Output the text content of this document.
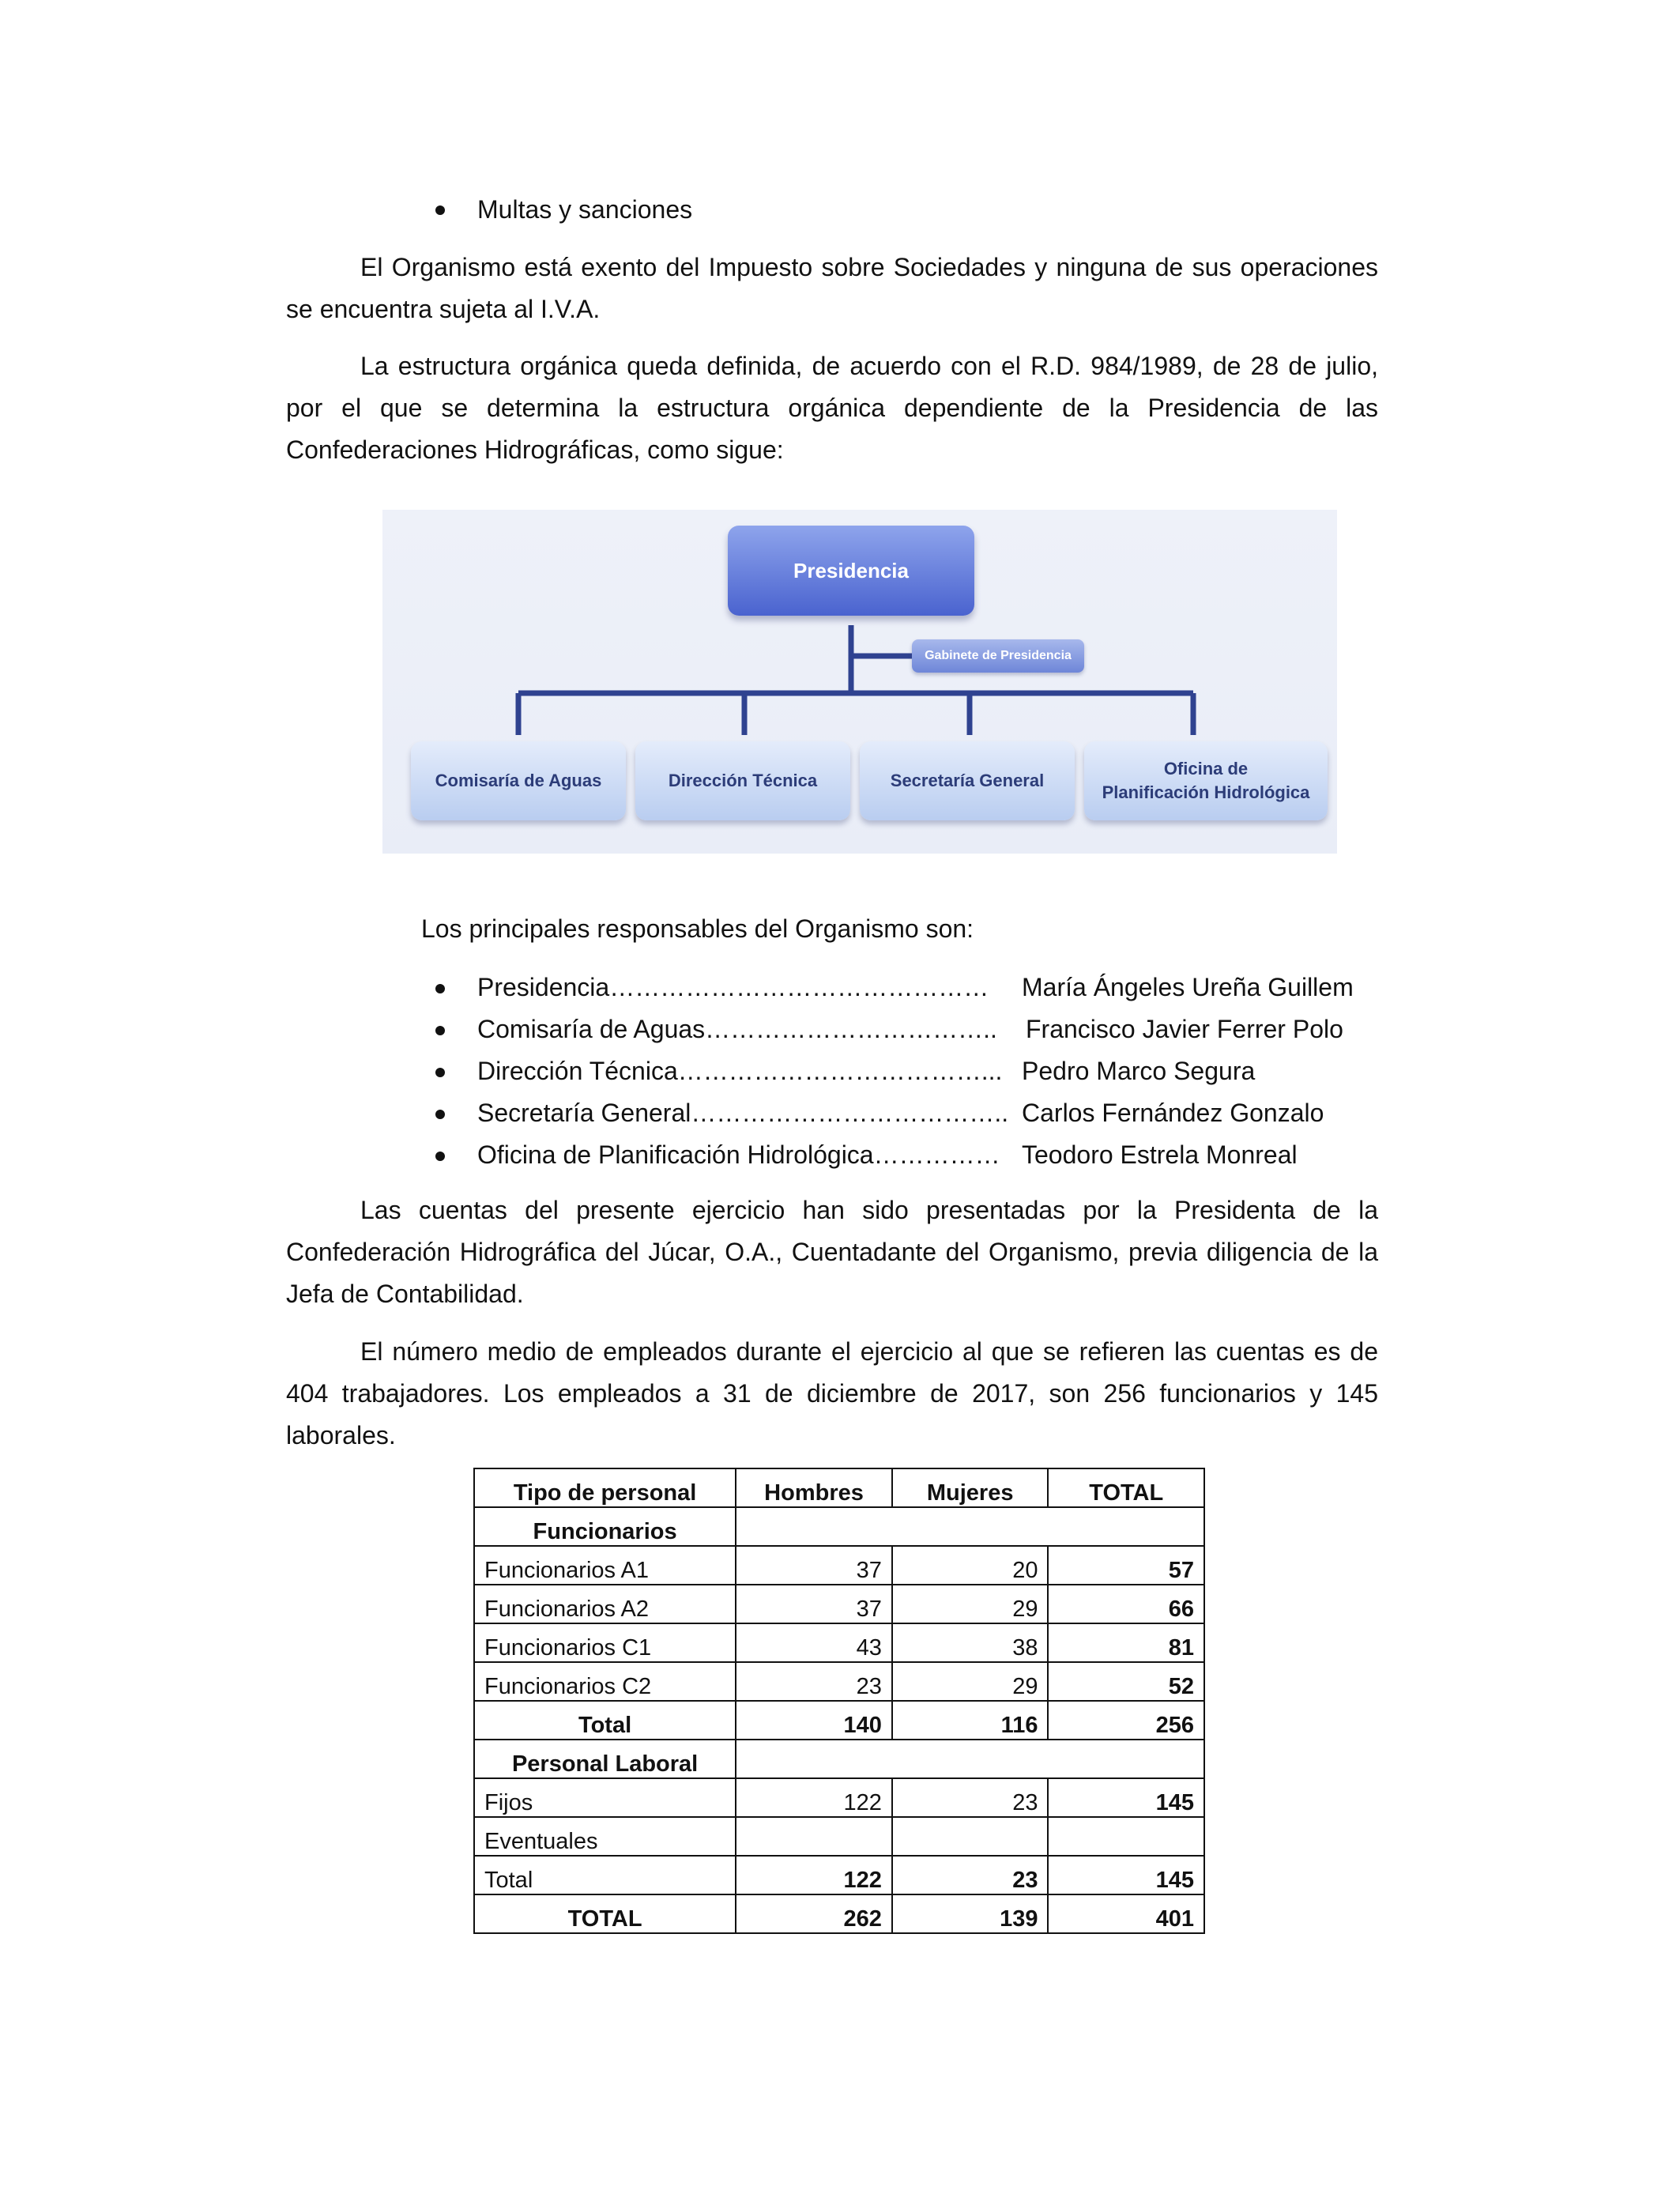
Multas y sanciones
El Organismo está exento del Impuesto sobre Sociedades y ninguna de sus operaciones se encuentra sujeta al I.V.A.
La estructura orgánica queda definida, de acuerdo con el R.D. 984/1989, de 28 de julio, por el que se determina la estructura orgánica dependiente de la Presidencia de las Confederaciones Hidrográficas, como sigue:
Presidencia
Gabinete de Presidencia
Comisaría de Aguas	Dirección Técnica	Secretaría General
Oficina de
Planificación Hidrológica
Los principales responsables del Organismo son:
Presidencia……………………………………… María Ángeles Ureña Guillem
Comisaría de Aguas…………………………….. Francisco Javier Ferrer Polo
Dirección Técnica………………………………... Pedro Marco Segura
Secretaría General……………………………….. Carlos Fernández Gonzalo
Oficina de Planificación Hidrológica…………… Teodoro Estrela Monreal
Las cuentas del presente ejercicio han sido presentadas por la Presidenta de la Confederación Hidrográfica del Júcar, O.A., Cuentadante del Organismo, previa diligencia de la Jefa de Contabilidad.
El número medio de empleados durante el ejercicio al que se refieren las cuentas es de 404 trabajadores. Los empleados a 31 de diciembre de 2017, son 256 funcionarios y 145 laborales.
Tipo de personal	Hombres	Mujeres	TOTAL
Funcionarios			
Funcionarios A1	37	20	57
Funcionarios A2	37	29	66
Funcionarios C1	43	38	81
Funcionarios C2	23	29	52
Total	140	116	256
Personal Laboral			
Fijos	122	23	145
Eventuales			
Total	122	23	145
TOTAL	262	139	401
